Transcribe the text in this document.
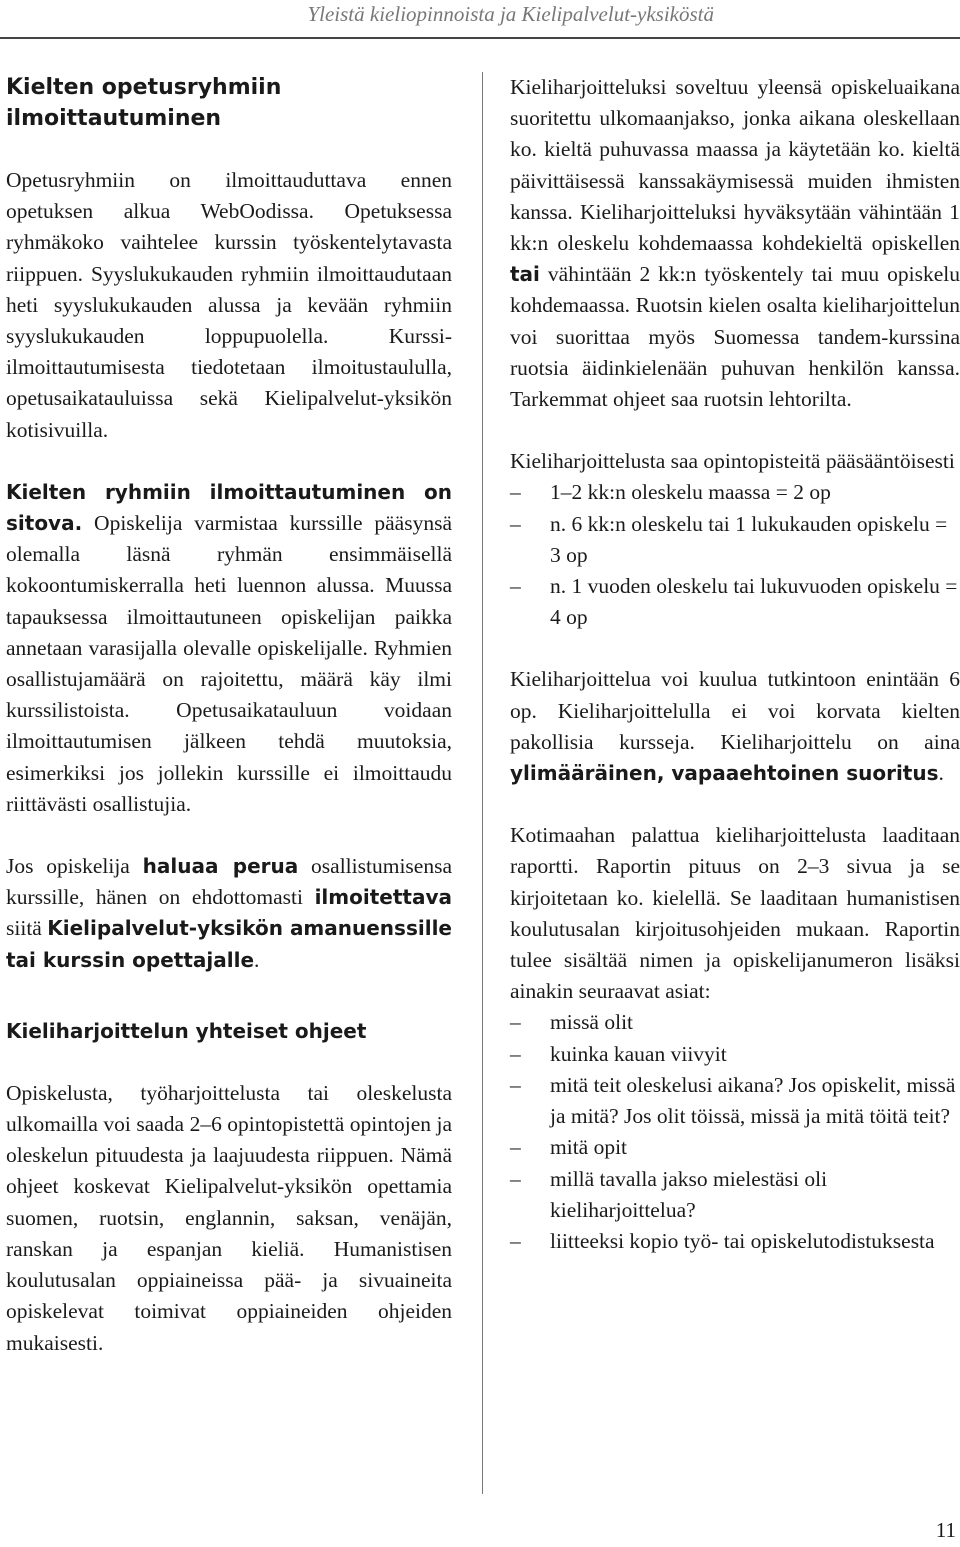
Yleistä kieliopinnoista ja Kielipalvelut-yksiköstä

Kielten opetusryhmiin ilmoittautuminen

Opetusryhmiin on ilmoittauduttava ennen opetuksen alkua WebOodissa. Opetuksessa ryhmäkoko vaihtelee kurssin työskentelytavasta riippuen. Syyslukukauden ryhmiin ilmoittaudutaan heti syyslukukauden alussa ja kevään ryhmiin syyslukukauden loppupuolella. Kurssi-ilmoittautumisesta tiedotetaan ilmoitustaululla, opetusaikatauluissa sekä Kielipalvelut-yksikön kotisivuilla.

Kielten ryhmiin ilmoittautuminen on sitova. Opiskelija varmistaa kurssille pääsynsä olemalla läsnä ryhmän ensimmäisellä kokoontumiskerralla heti luennon alussa. Muussa tapauksessa ilmoittautuneen opiskelijan paikka annetaan varasijalla olevalle opiskelijalle. Ryhmien osallistujamäärä on rajoitettu, määrä käy ilmi kurssilistoista. Opetusaikatauluun voidaan ilmoittautumisen jälkeen tehdä muutoksia, esimerkiksi jos jollekin kurssille ei ilmoittaudu riittävästi osallistujia.

Jos opiskelija haluaa perua osallistumisensa kurssille, hänen on ehdottomasti ilmoitettava siitä Kielipalvelut-yksikön amanuenssille tai kurssin opettajalle.

Kieliharjoittelun yhteiset ohjeet

Opiskelusta, työharjoittelusta tai oleskelusta ulkomailla voi saada 2–6 opintopistettä opintojen ja oleskelun pituudesta ja laajuudesta riippuen. Nämä ohjeet koskevat Kielipalvelut-yksikön opettamia suomen, ruotsin, englannin, saksan, venäjän, ranskan ja espanjan kieliä. Humanistisen koulutusalan oppiaineissa pää- ja sivuaineita opiskelevat toimivat oppiaineiden ohjeiden mukaisesti.

Kieliharjoitteluksi soveltuu yleensä opiskeluaikana suoritettu ulkomaanjakso, jonka aikana oleskellaan ko. kieltä puhuvassa maassa ja käytetään ko. kieltä päivittäisessä kanssakäymisessä muiden ihmisten kanssa. Kieliharjoitteluksi hyväksytään vähintään 1 kk:n oleskelu kohdemaassa kohdekieltä opiskellen tai vähintään 2 kk:n työskentely tai muu opiskelu kohdemaassa. Ruotsin kielen osalta kieliharjoittelun voi suorittaa myös Suomessa tandem-kurssina ruotsia äidinkielenään puhuvan henkilön kanssa. Tarkemmat ohjeet saa ruotsin lehtorilta.

Kieliharjoittelusta saa opintopisteitä pääsääntöisesti

– 1–2 kk:n oleskelu maassa = 2 op
– n. 6 kk:n oleskelu tai 1 lukukauden opiskelu = 3 op
– n. 1 vuoden oleskelu tai lukuvuoden opiskelu = 4 op

Kieliharjoittelua voi kuulua tutkintoon enintään 6 op. Kieliharjoittelulla ei voi korvata kielten pakollisia kursseja. Kieliharjoittelu on aina ylimääräinen, vapaaehtoinen suoritus.

Kotimaahan palattua kieliharjoittelusta laaditaan raportti. Raportin pituus on 2–3 sivua ja se kirjoitetaan ko. kielellä. Se laaditaan humanistisen koulutusalan kirjoitusohjeiden mukaan. Raportin tulee sisältää nimen ja opiskelijanumeron lisäksi ainakin seuraavat asiat:

– missä olit
– kuinka kauan viivyit
– mitä teit oleskelusi aikana? Jos opiskelit, missä ja mitä? Jos olit töissä, missä ja mitä töitä teit?
– mitä opit
– millä tavalla jakso mielestäsi oli kieliharjoittelua?
– liitteeksi kopio työ- tai opiskelutodistuksesta
11
